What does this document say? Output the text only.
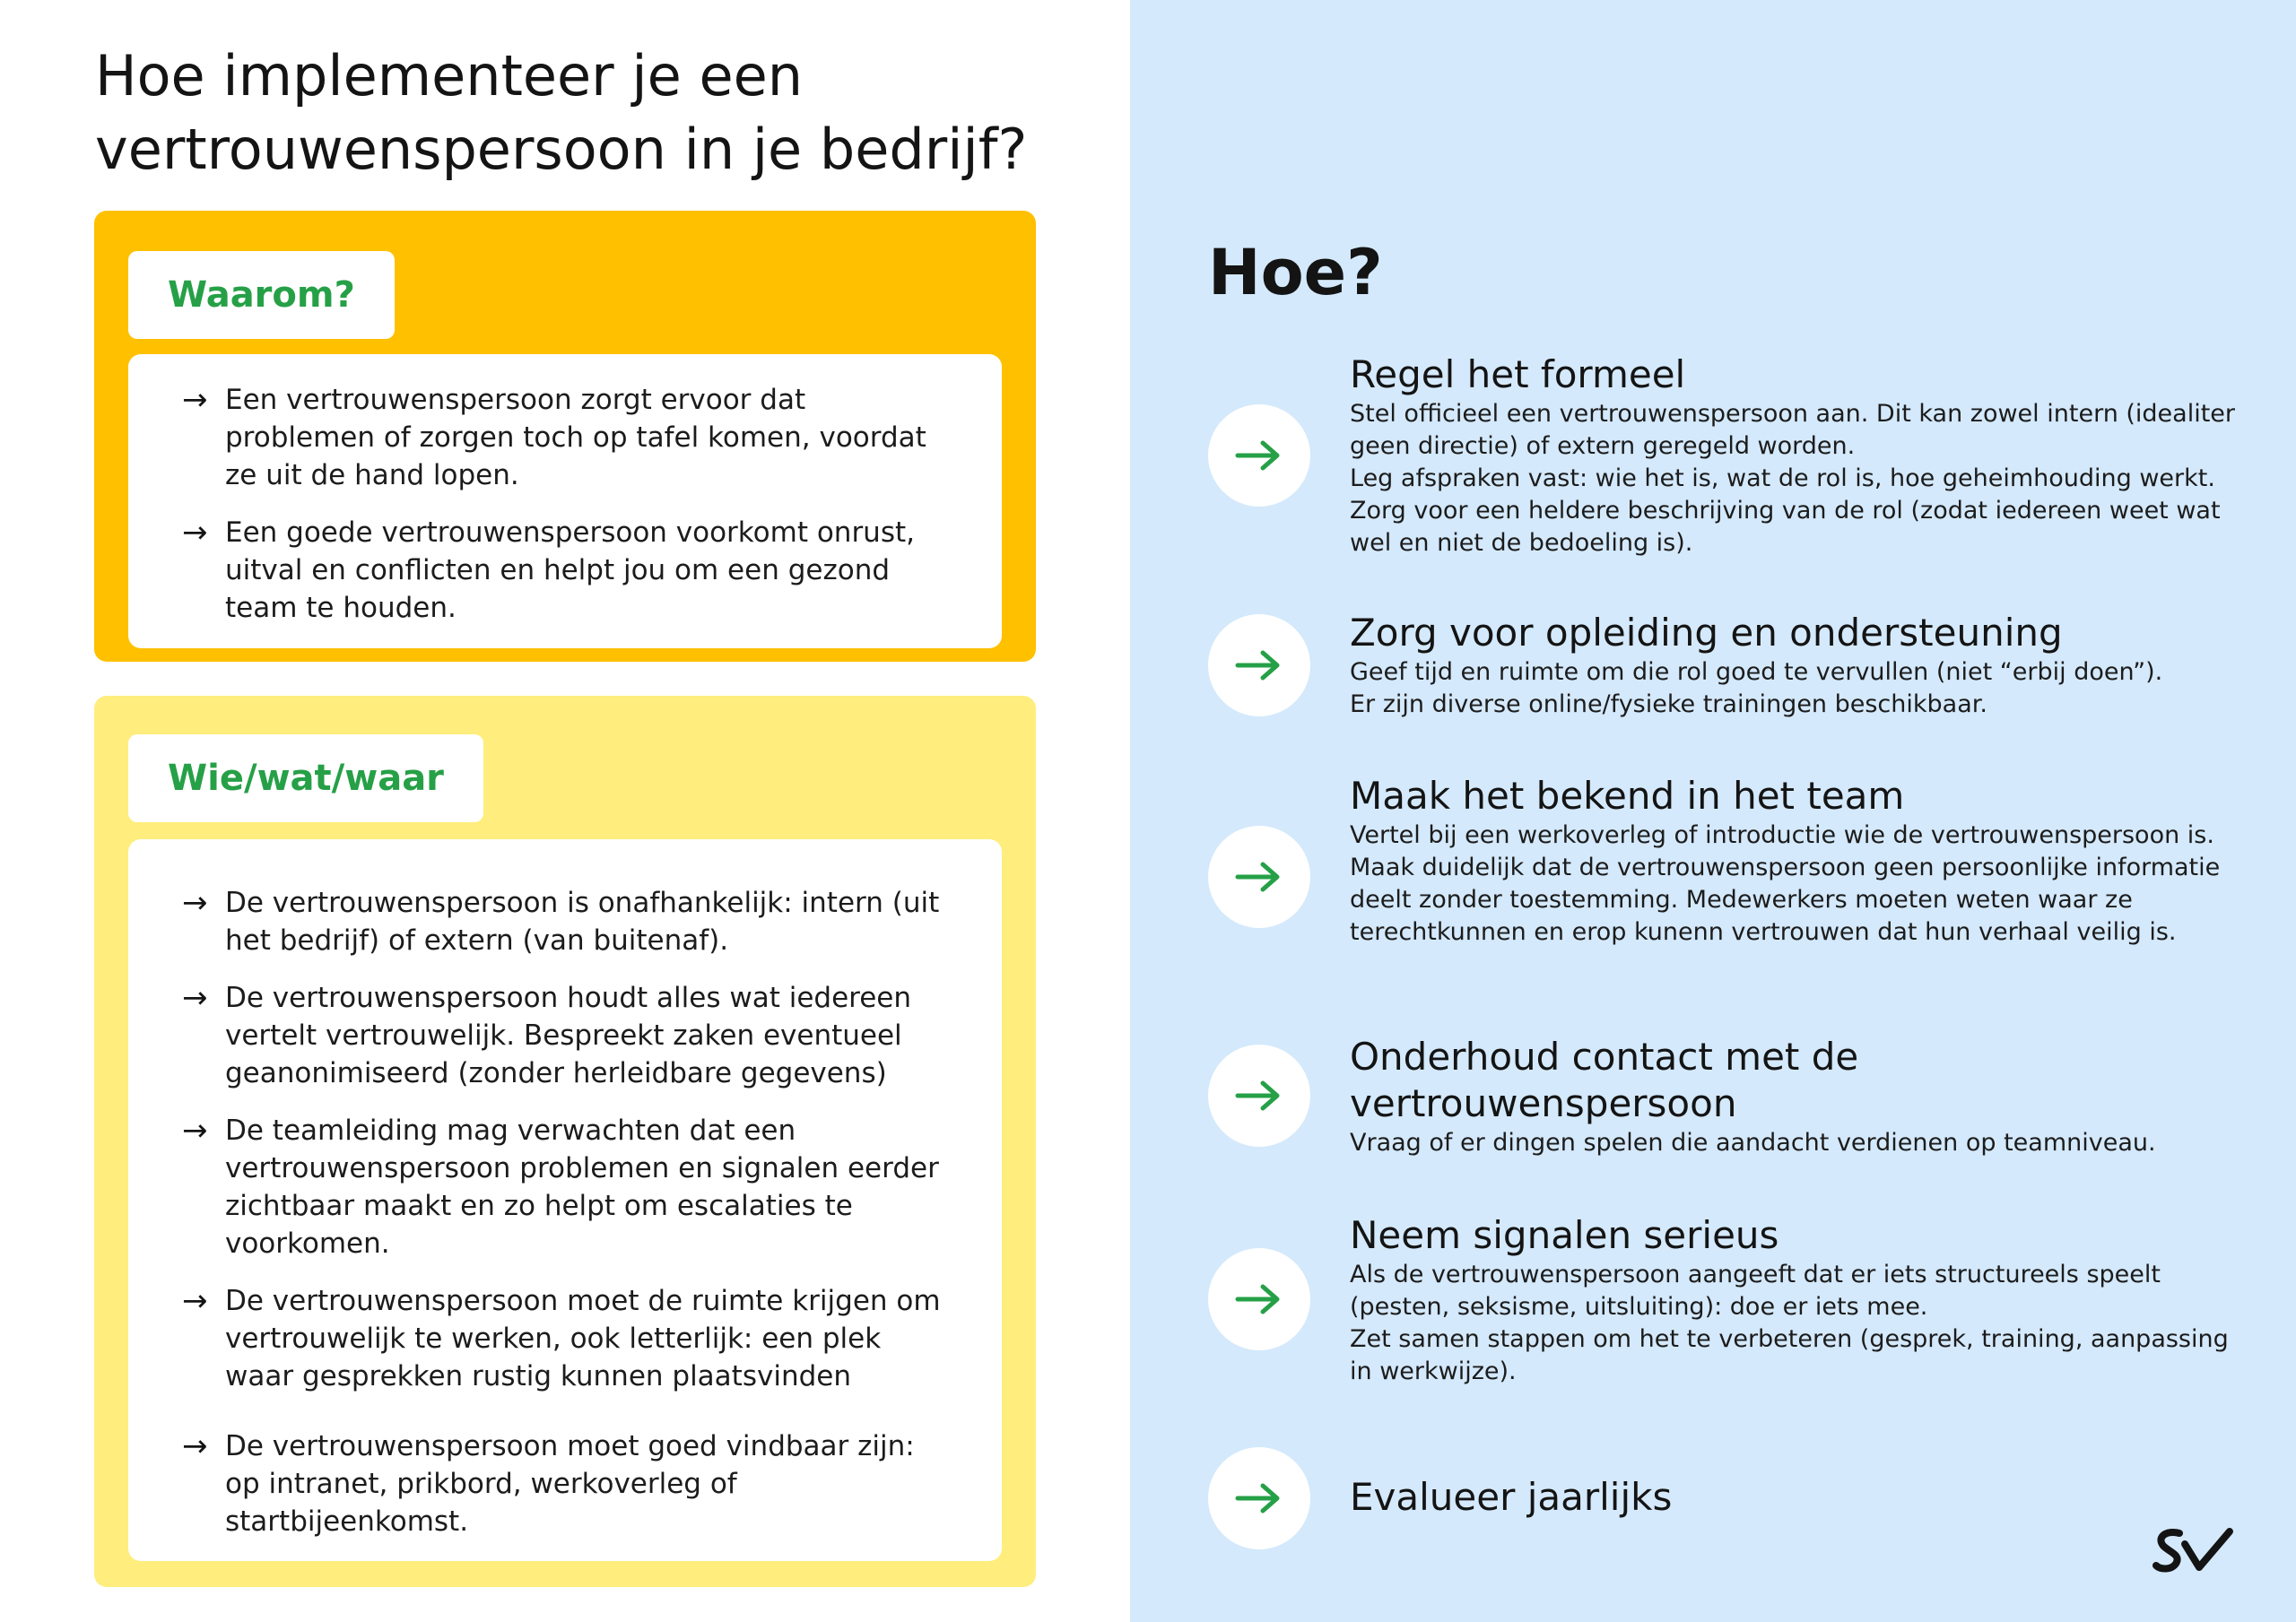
Hoe implementeer je een vertrouwenspersoon in je bedrijf?
Waarom?
→ Een vertrouwenspersoon zorgt ervoor dat problemen of zorgen toch op tafel komen, voordat ze uit de hand lopen.
→ Een goede vertrouwenspersoon voorkomt onrust, uitval en conflicten en helpt jou om een gezond team te houden.
Wie/wat/waar
→ De vertrouwenspersoon is onafhankelijk: intern (uit het bedrijf) of extern (van buitenaf).
→ De vertrouwenspersoon houdt alles wat iedereen vertelt vertrouwelijk. Bespreekt zaken eventueel geanonimiseerd (zonder herleidbare gegevens)
→ De teamleiding mag verwachten dat een vertrouwenspersoon problemen en signalen eerder zichtbaar maakt en zo helpt om escalaties te voorkomen.
→ De vertrouwenspersoon moet de ruimte krijgen om vertrouwelijk te werken, ook letterlijk: een plek waar gesprekken rustig kunnen plaatsvinden
→ De vertrouwenspersoon moet goed vindbaar zijn: op intranet, prikbord, werkoverleg of startbijeenkomst.
Hoe?

Regel het formeel

Stel officieel een vertrouwenspersoon aan. Dit kan zowel intern (idealiter geen directie) of extern geregeld worden.

Leg afspraken vast: wie het is, wat de rol is, hoe geheimhouding werkt. Zorg voor een heldere beschrijving van de rol (zodat iedereen weet wat wel en niet de bedoeling is).

Zorg voor opleiding en ondersteuning

Geef tijd en ruimte om die rol goed te vervullen (niet “erbij doen”).

Er zijn diverse online/fysieke trainingen beschikbaar.

Maak het bekend in het team

Vertel bij een werkoverleg of introductie wie de vertrouwenspersoon is. Maak duidelijk dat de vertrouwenspersoon geen persoonlijke informatie deelt zonder toestemming. Medewerkers moeten weten waar ze terechtkunnen en erop kunenn vertrouwen dat hun verhaal veilig is.

Onderhoud contact met de vertrouwenspersoon

Vraag of er dingen spelen die aandacht verdienen op teamniveau.

Neem signalen serieus

Als de vertrouwenspersoon aangeeft dat er iets structureels speelt (pesten, seksisme, uitsluiting): doe er iets mee.

Zet samen stappen om het te verbeteren (gesprek, training, aanpassing in werkwijze).

Evalueer jaarlijks
